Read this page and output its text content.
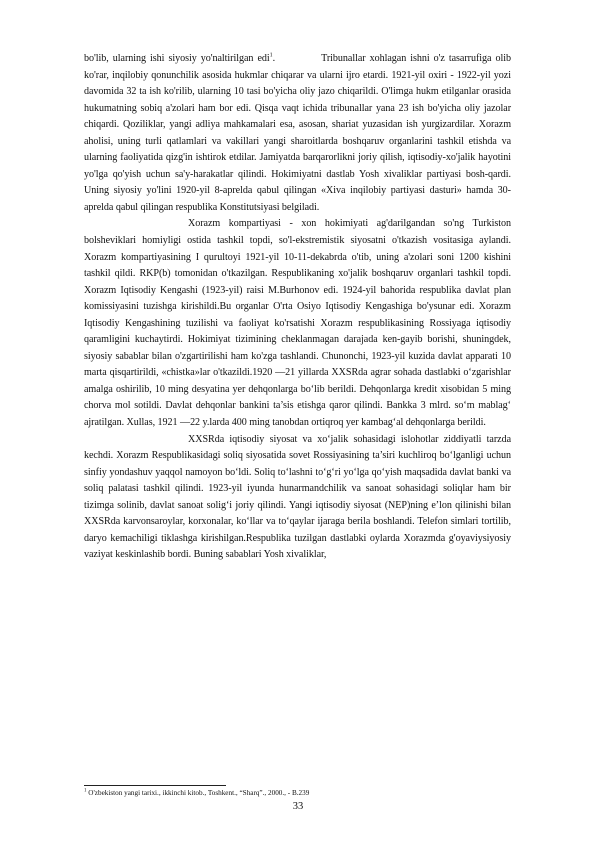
bo'lib, ularning ishi siyosiy yo'naltirilgan edi$^1$.	Tribunallar xohlagan ishni o'z tasarrufiga olib ko'rar, inqilobiy qonunchilik asosida hukmlar chiqarar va ularni ijro etardi. 1921-yil oxiri - 1922-yil yozi davomida 32 ta ish ko'rilib, ularning 10 tasi bo'yicha oliy jazo chiqarildi. O'limga hukm etilganlar orasida hukumatning sobiq a'zolari ham bor edi. Qisqa vaqt ichida tribunallar yana 23 ish bo'yicha oliy jazolar chiqardi. Qoziliklar, yangi adliya mahkamalari esa, asosan, shariat yuzasidan ish yurgizardilar. Xorazm aholisi, uning turli qatlamlari va vakillari yangi sharoitlarda boshqaruv organlarini tashkil etishda va ularning faoliyatida qizg'in ishtirok etdilar. Jamiyatda barqarorlikni joriy qilish, iqtisodiy-xo'jalik hayotini yo'lga qo'yish uchun sa'y-harakatlar qilindi. Hokimiyatni dastlab Yosh xivaliklar partiyasi bosh-qardi. Uning siyosiy yo'lini 1920-yil 8-aprelda qabul qilingan «Xiva inqilobiy partiyasi dasturi» hamda 30- aprelda qabul qilingan respublika Konstitutsiyasi belgiladi.

Xorazm kompartiyasi - xon hokimiyati ag'darilgandan so'ng Turkiston bolsheviklari homiyligi ostida tashkil topdi, so'l-ekstremistik siyosatni o'tkazish vositasiga aylandi. Xorazm kompartiyasining I qurultoyi 1921-yil 10-11-dekabrda o'tib, uning a'zolari soni 1200 kishini tashkil qildi. RKP(b) tomonidan o'tkazilgan. Respublikaning xo'jalik boshqaruv organlari tashkil topdi. Xorazm Iqtisodiy Kengashi (1923-yil) raisi M.Burhonov edi. 1924-yil bahorida respublika davlat plan komissiyasini tuzishga kirishildi.Bu organlar O'rta Osiyo Iqtisodiy Kengashiga bo'ysunar edi. Xorazm Iqtisodiy Kengashining tuzilishi va faoliyat ko'rsatishi Xorazm respublikasining Rossiyaga iqtisodiy qaramligini kuchaytirdi. Hokimiyat tizimining cheklanmagan darajada ken-gayib borishi, shuningdek, siyosiy sabablar bilan o'zgartirilishi ham ko'zga tashlandi. Chunonchi, 1923-yil kuzida davlat apparati 10 marta qisqartirildi, «chistka»lar o'tkazildi.1920 —21 yillarda XXSRda agrar sohada dastlabki o‘zgarishlar amalga oshirilib, 10 ming desyatina yer dehqonlarga bo‘lib berildi. Dehqonlarga kredit xisobidan 5 ming chorva mol sotildi. Davlat dehqonlar bankini ta’sis etishga qaror qilindi. Bankka 3 mlrd. so‘m mablag‘ ajratilgan. Xullas, 1921 —22 y.larda 400 ming tanobdan ortiqroq yer kambag‘al dehqonlarga berildi.

XXSRda iqtisodiy siyosat va xo‘jalik sohasidagi islohotlar ziddiyatli tarzda kechdi. Xorazm Respublikasidagi soliq siyosatida sovet Rossiyasining ta’siri kuchliroq bo‘lganligi uchun sinfiy yondashuv yaqqol namoyon bo‘ldi. Soliq to‘lashni to‘g‘ri yo‘lga qo‘yish maqsadida davlat banki va soliq palatasi tashkil qilindi. 1923-yil iyunda hunarmandchilik va sanoat sohasidagi soliqlar ham bir tizimga solinib, davlat sanoat solig‘i joriy qilindi. Yangi iqtisodiy siyosat (NEP)ning e’lon qilinishi bilan XXSRda karvonsaroylar, korxonalar, ko‘llar va to‘qaylar ijaraga berila boshlandi. Telefon simlari tortilib, daryo kemachiligi tiklashga kirishilgan.Respublika tuzilgan dastlabki oylarda Xorazmda g'oyaviysiyosiy vaziyat keskinlashib bordi. Buning sabablari Yosh xivaliklar,

$^1$ O'zbekiston yangi tarixi., ikkinchi kitob., Toshkent., “Sharq”., 2000., - B.239

33
